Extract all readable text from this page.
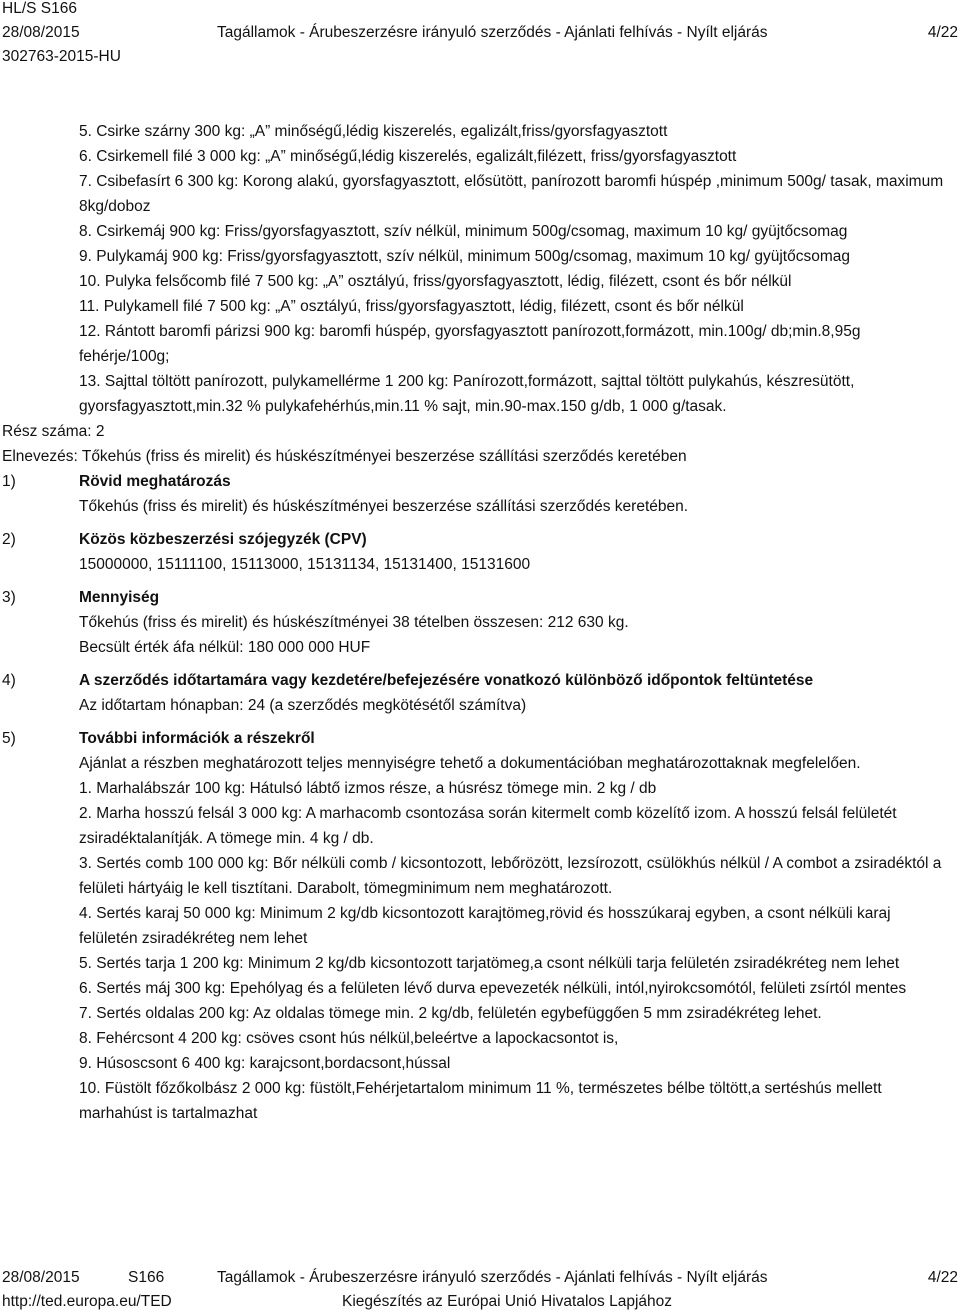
HL/S S166
28/08/2015	Tagállamok - Árubeszerzésre irányuló szerződés - Ajánlati felhívás - Nyílt eljárás	4/22
302763-2015-HU

5. Csirke szárny 300 kg: „A” minőségű,lédig kiszerelés, egalizált,friss/gyorsfagyasztott

6. Csirkemell filé 3 000 kg: „A” minőségű,lédig kiszerelés, egalizált,filézett, friss/gyorsfagyasztott

7. Csibefasírt 6 300 kg: Korong alakú, gyorsfagyasztott, elősütött, panírozott baromfi húspép ,minimum 500g/ tasak, maximum 8kg/doboz

8. Csirkemáj 900 kg: Friss/gyorsfagyasztott, szív nélkül, minimum 500g/csomag, maximum 10 kg/ gyüjtőcsomag

9. Pulykamáj 900 kg: Friss/gyorsfagyasztott, szív nélkül, minimum 500g/csomag, maximum 10 kg/ gyüjtőcsomag

10. Pulyka felsőcomb filé 7 500 kg: „A” osztályú, friss/gyorsfagyasztott, lédig, filézett, csont és bőr nélkül

11. Pulykamell filé 7 500 kg: „A” osztályú, friss/gyorsfagyasztott, lédig, filézett, csont és bőr nélkül

12. Rántott baromfi párizsi 900 kg: baromfi húspép, gyorsfagyasztott panírozott,formázott, min.100g/ db;min.8,95g fehérje/100g;

13. Sajttal töltött panírozott, pulykamellérme 1 200 kg: Panírozott,formázott, sajttal töltött pulykahús, készresütött, gyorsfagyasztott,min.32 % pulykafehérhús,min.11 % sajt, min.90-max.150 g/db, 1 000 g/tasak.

Rész száma: 2

Elnevezés: Tőkehús (friss és mirelit) és húskészítményei beszerzése szállítási szerződés keretében

1)	Rövid meghatározás

Tőkehús (friss és mirelit) és húskészítményei beszerzése szállítási szerződés keretében.

2)	Közös közbeszerzési szójegyzék (CPV)

15000000, 15111100, 15113000, 15131134, 15131400, 15131600

3)	Mennyiség

Tőkehús (friss és mirelit) és húskészítményei 38 tételben összesen: 212 630 kg.

Becsült érték áfa nélkül: 180 000 000 HUF

4)	A szerződés időtartamára vagy kezdetére/befejezésére vonatkozó különböző időpontok feltüntetése

Az időtartam hónapban: 24 (a szerződés megkötésétől számítva)

5)	További információk a részekről

Ajánlat a részben meghatározott teljes mennyiségre tehető a dokumentációban meghatározottaknak megfelelően.

1. Marhalábszár 100 kg: Hátulsó lábtő izmos része, a húsrész tömege min. 2 kg / db

2. Marha hosszú felsál 3 000 kg: A marhacomb csontozása során kitermelt comb közelítő izom. A hosszú felsál felületét zsiradéktalanítják. A tömege min. 4 kg / db.

3. Sertés comb 100 000 kg: Bőr nélküli comb / kicsontozott, lebőrözött, lezsírozott, csülökhús nélkül / A combot a zsiradéktól a felületi hártyáig le kell tisztítani. Darabolt, tömegminimum nem meghatározott.

4. Sertés karaj 50 000 kg: Minimum 2 kg/db kicsontozott karajtömeg,rövid és hosszúkaraj egyben, a csont nélküli karaj felületén zsiradékréteg nem lehet

5. Sertés tarja 1 200 kg: Minimum 2 kg/db kicsontozott tarjatömeg,a csont nélküli tarja felületén zsiradékréteg nem lehet

6. Sertés máj 300 kg: Epehólyag és a felületen lévő durva epevezeték nélküli, intól,nyirokcsomótól, felületi zsírtól mentes

7. Sertés oldalas 200 kg: Az oldalas tömege min. 2 kg/db, felületén egybefüggően 5 mm zsiradékréteg lehet.

8. Fehércsont 4 200 kg: csöves csont hús nélkül,beleértve a lapockacsontot is,

9. Húsoscsont 6 400 kg: karajcsont,bordacsont,hússal

10. Füstölt főzőkolbász 2 000 kg: füstölt,Fehérjetartalom minimum 11 %, természetes bélbe töltött,a sertéshús mellett marhahúst is tartalmazhat

28/08/2015	S166	Tagállamok - Árubeszerzésre irányuló szerződés - Ajánlati felhívás - Nyílt eljárás	4/22
http://ted.europa.eu/TED	Kiegészítés az Európai Unió Hivatalos Lapjához
